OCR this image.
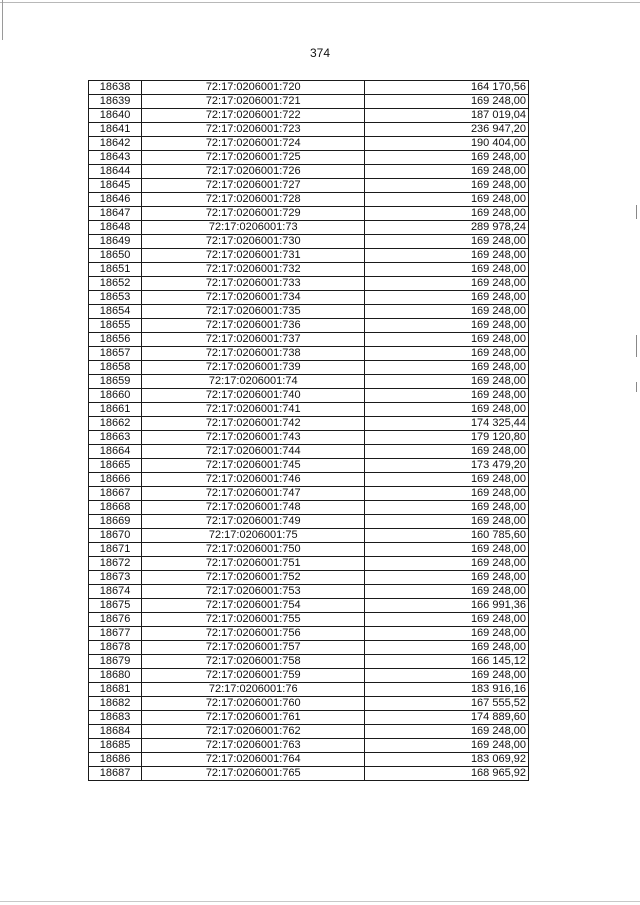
374
18638	72:17:0206001:720	164 170,56
18639	72:17:0206001:721	169 248,00
18640	72:17:0206001:722	187 019,04
18641	72:17:0206001:723	236 947,20
18642	72:17:0206001:724	190 404,00
18643	72:17:0206001:725	169 248,00
18644	72:17:0206001:726	169 248,00
18645	72:17:0206001:727	169 248,00
18646	72:17:0206001:728	169 248,00
18647	72:17:0206001:729	169 248,00
18648	72:17:0206001:73	289 978,24
18649	72:17:0206001:730	169 248,00
18650	72:17:0206001:731	169 248,00
18651	72:17:0206001:732	169 248,00
18652	72:17:0206001:733	169 248,00
18653	72:17:0206001:734	169 248,00
18654	72:17:0206001:735	169 248,00
18655	72:17:0206001:736	169 248,00
18656	72:17:0206001:737	169 248,00
18657	72:17:0206001:738	169 248,00
18658	72:17:0206001:739	169 248,00
18659	72:17:0206001:74	169 248,00
18660	72:17:0206001:740	169 248,00
18661	72:17:0206001:741	169 248,00
18662	72:17:0206001:742	174 325,44
18663	72:17:0206001:743	179 120,80
18664	72:17:0206001:744	169 248,00
18665	72:17:0206001:745	173 479,20
18666	72:17:0206001:746	169 248,00
18667	72:17:0206001:747	169 248,00
18668	72:17:0206001:748	169 248,00
18669	72:17:0206001:749	169 248,00
18670	72:17:0206001:75	160 785,60
18671	72:17:0206001:750	169 248,00
18672	72:17:0206001:751	169 248,00
18673	72:17:0206001:752	169 248,00
18674	72:17:0206001:753	169 248,00
18675	72:17:0206001:754	166 991,36
18676	72:17:0206001:755	169 248,00
18677	72:17:0206001:756	169 248,00
18678	72:17:0206001:757	169 248,00
18679	72:17:0206001:758	166 145,12
18680	72:17:0206001:759	169 248,00
18681	72:17:0206001:76	183 916,16
18682	72:17:0206001:760	167 555,52
18683	72:17:0206001:761	174 889,60
18684	72:17:0206001:762	169 248,00
18685	72:17:0206001:763	169 248,00
18686	72:17:0206001:764	183 069,92
18687	72:17:0206001:765	168 965,92
